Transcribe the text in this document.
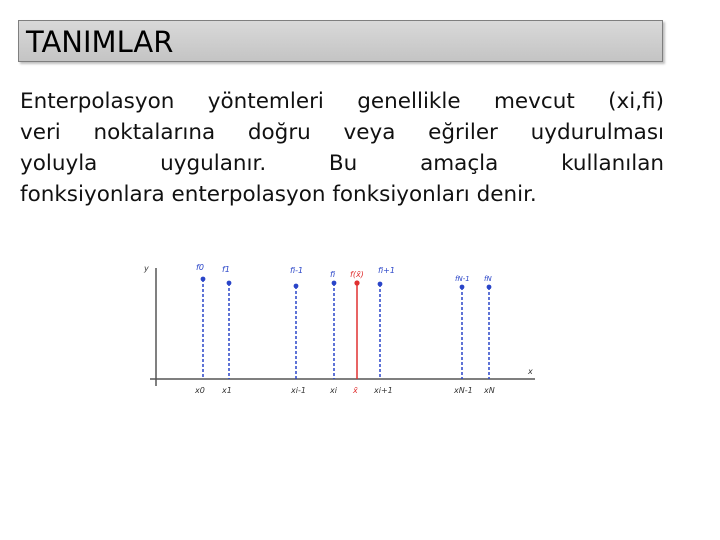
TANIMLAR
Enterpolasyon yöntemleri genellikle mevcut (xi,fi)
veri noktalarına doğru veya eğriler uydurulması
yoluyla uygulanır. Bu amaçla kullanılan
fonksiyonlara enterpolasyon fonksiyonları denir.
y
x
f0 f1	fi-1	fi f(x̄) fi+1
fN-1 fN
x0 x1	xi-1	xi x̄ xi+1	xN-1 xN
